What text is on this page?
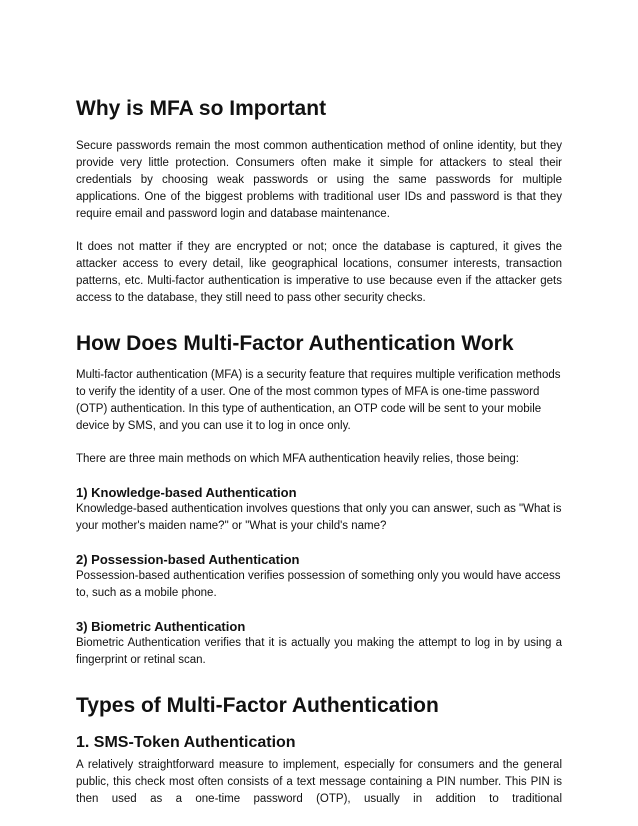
Why is MFA so Important

Secure passwords remain the most common authentication method of online identity, but they provide very little protection. Consumers often make it simple for attackers to steal their credentials by choosing weak passwords or using the same passwords for multiple applications. One of the biggest problems with traditional user IDs and password is that they require email and password login and database maintenance.

It does not matter if they are encrypted or not; once the database is captured, it gives the attacker access to every detail, like geographical locations, consumer interests, transaction patterns, etc. Multi-factor authentication is imperative to use because even if the attacker gets access to the database, they still need to pass other security checks.

How Does Multi-Factor Authentication Work

Multi-factor authentication (MFA) is a security feature that requires multiple verification methods to verify the identity of a user. One of the most common types of MFA is one-time password (OTP) authentication. In this type of authentication, an OTP code will be sent to your mobile device by SMS, and you can use it to log in once only.

There are three main methods on which MFA authentication heavily relies, those being:

1) Knowledge-based Authentication

Knowledge-based authentication involves questions that only you can answer, such as "What is your mother's maiden name?" or "What is your child's name?

2) Possession-based Authentication

Possession-based authentication verifies possession of something only you would have access to, such as a mobile phone.

3) Biometric Authentication

Biometric Authentication verifies that it is actually you making the attempt to log in by using a fingerprint or retinal scan.

Types of Multi-Factor Authentication
1. SMS-Token Authentication

A relatively straightforward measure to implement, especially for consumers and the general public, this check most often consists of a text message containing a PIN number. This PIN is then used as a one-time password (OTP), usually in addition to traditional
